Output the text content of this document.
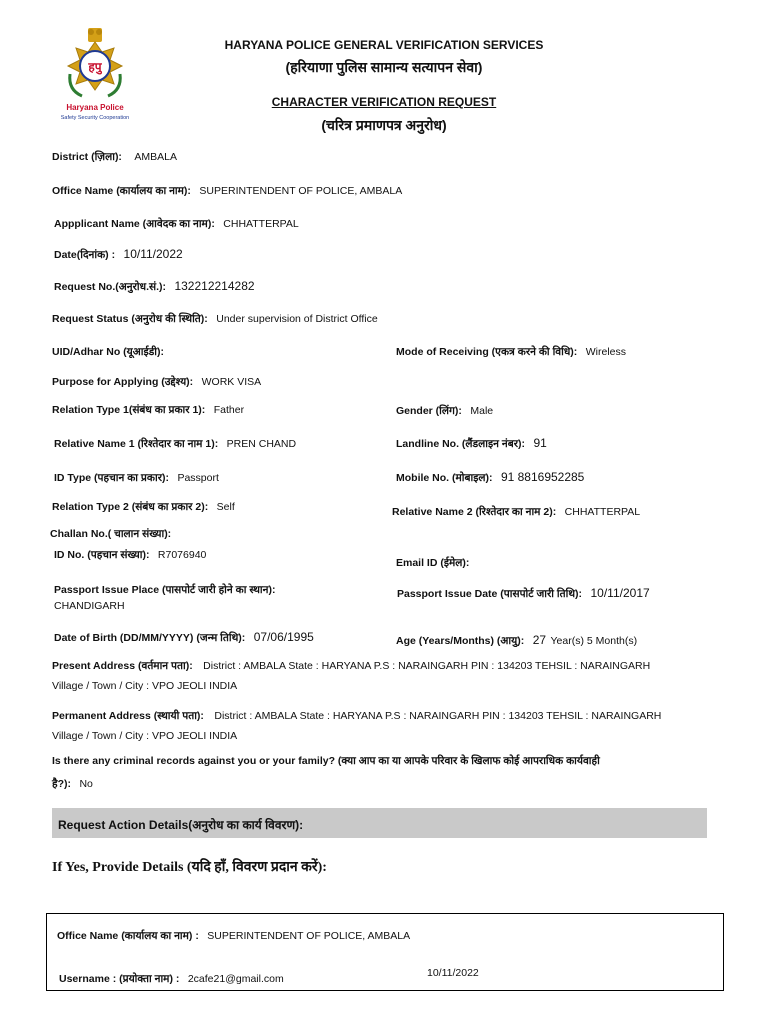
हपु
Haryana Police
Safety Security Cooperation
HARYANA POLICE GENERAL VERIFICATION SERVICES
(हरियाणा पुलिस सामान्य सत्यापन सेवा)
CHARACTER VERIFICATION REQUEST
(चरित्र प्रमाणपत्र अनुरोध)
District (ज़िला): AMBALA
Office Name (कार्यालय का नाम): SUPERINTENDENT OF POLICE, AMBALA
Appplicant Name (आवेदक का नाम): CHHATTERPAL
Date(दिनांक) : 10/11/2022
Request No.(अनुरोध.सं.): 132212214282
Request Status (अनुरोध की स्थिति): Under supervision of District Office
UID/Adhar No (यूआईडी):	Mode of Receiving (एकत्र करने की विधि): Wireless
Purpose for Applying (उद्देश्य): WORK VISA
Relation Type 1(संबंध का प्रकार 1): Father	Gender (लिंग): Male
Relative Name 1 (रिश्तेदार का नाम 1): PREN CHAND	Landline No. (लैंडलाइन नंबर): 91
ID Type (पहचान का प्रकार): Passport	Mobile No. (मोबाइल): 91 8816952285
Relation Type 2 (संबंध का प्रकार 2): Self	Relative Name 2 (रिश्तेदार का नाम 2): CHHATTERPAL
Challan No.( चालान संख्या):
ID No. (पहचान संख्या): R7076940
Email ID (ईमेल):
Passport Issue Place (पासपोर्ट जारी होने का स्थान):
CHANDIGARH
Passport Issue Date (पासपोर्ट जारी तिथि): 10/11/2017
Date of Birth (DD/MM/YYYY) (जन्म तिथि): 07/06/1995	Age (Years/Months) (आयु): 27 Year(s) 5 Month(s)
Present Address (वर्तमान पता): District : AMBALA State : HARYANA P.S : NARAINGARH PIN : 134203 TEHSIL : NARAINGARH
Village / Town / City : VPO JEOLI INDIA
Permanent Address (स्थायी पता): District : AMBALA State : HARYANA P.S : NARAINGARH PIN : 134203 TEHSIL : NARAINGARH
Village / Town / City : VPO JEOLI INDIA
Is there any criminal records against you or your family? (क्या आप का या आपके परिवार के खिलाफ कोई आपराधिक कार्यवाही
है?): No
Request Action Details(अनुरोध का कार्य विवरण):
If Yes, Provide Details (यदि हाँ, विवरण प्रदान करें):
Office Name (कार्यालय का नाम) : SUPERINTENDENT OF POLICE, AMBALA
Username : (प्रयोक्ता नाम) : 2cafe21@gmail.com	10/11/2022
